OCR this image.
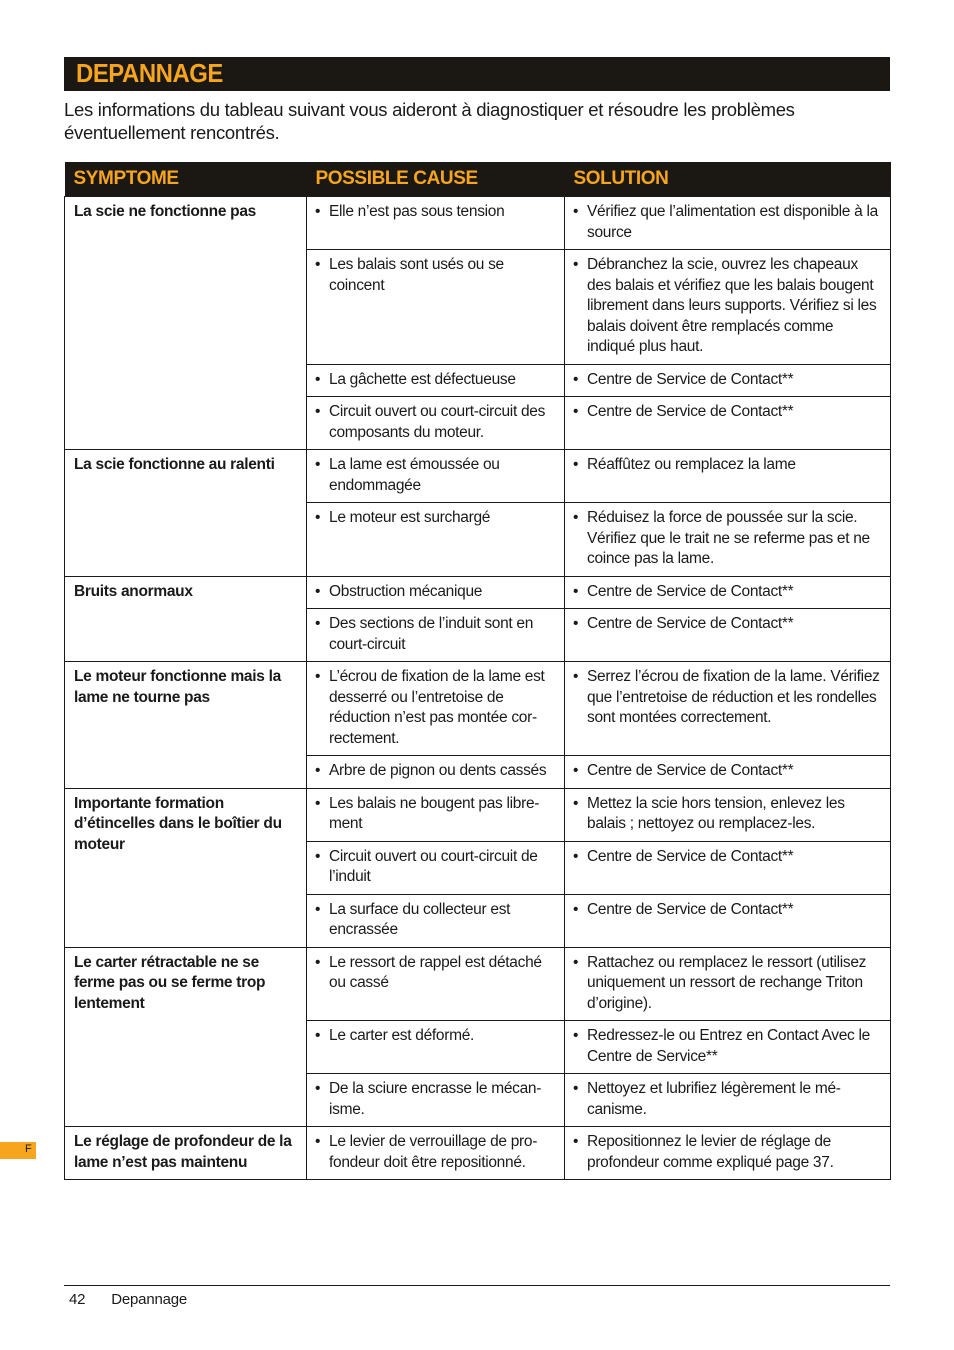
DEPANNAGE
Les informations du tableau suivant vous aideront à diagnostiquer et résoudre les problèmes éventuellement rencontrés.
SYMPTOME	POSSIBLE CAUSE	SOLUTION
La scie ne fonctionne pas	• Elle n’est pas sous tension	• Vérifiez que l’alimentation est disponible à la source

	• Les balais sont usés ou se coincent	• Débranchez la scie, ouvrez les chapeaux des balais et vérifiez que les balais bougent librement dans leurs supports. Vérifiez si les balais doivent être remplacés comme indiqué plus haut.

	• La gâchette est défectueuse	• Centre de Service de Contact**

	• Circuit ouvert ou court-circuit des composants du moteur.	• Centre de Service de Contact**

La scie fonctionne au ralenti	• La lame est émoussée ou endommagée	• Réaffûtez ou remplacez la lame

	• Le moteur est surchargé	• Réduisez la force de poussée sur la scie. Vérifiez que le trait ne se referme pas et ne coince pas la lame.

Bruits anormaux	• Obstruction mécanique	• Centre de Service de Contact**

	• Des sections de l’induit sont en court-circuit	• Centre de Service de Contact**

Le moteur fonctionne mais la lame ne tourne pas	• L’écrou de fixation de la lame est desserré ou l’entretoise de réduction n’est pas montée cor-rectement.	• Serrez l’écrou de fixation de la lame. Vérifiez que l’entretoise de réduction et les rondelles sont montées correctement.

	• Arbre de pignon ou dents cassés	• Centre de Service de Contact**

Importante formation d’étincelles dans le boîtier du moteur	• Les balais ne bougent pas libre-ment	• Mettez la scie hors tension, enlevez les balais ; nettoyez ou remplacez-les.

	• Circuit ouvert ou court-circuit de l’induit	• Centre de Service de Contact**

	• La surface du collecteur est encrassée	• Centre de Service de Contact**

Le carter rétractable ne se ferme pas ou se ferme trop lentement	• Le ressort de rappel est détaché ou cassé	• Rattachez ou remplacez le ressort (utilisez uniquement un ressort de rechange Triton d’origine).

	• Le carter est déformé.	• Redressez-le ou Entrez en Contact Avec le Centre de Service**

	• De la sciure encrasse le mécan-isme.	• Nettoyez et lubrifiez légèrement le mé-canisme.

Le réglage de profondeur de la lame n’est pas maintenu	• Le levier de verrouillage de pro-fondeur doit être repositionné.	• Repositionnez le levier de réglage de profondeur comme expliqué page 37.
F
42 Depannage
